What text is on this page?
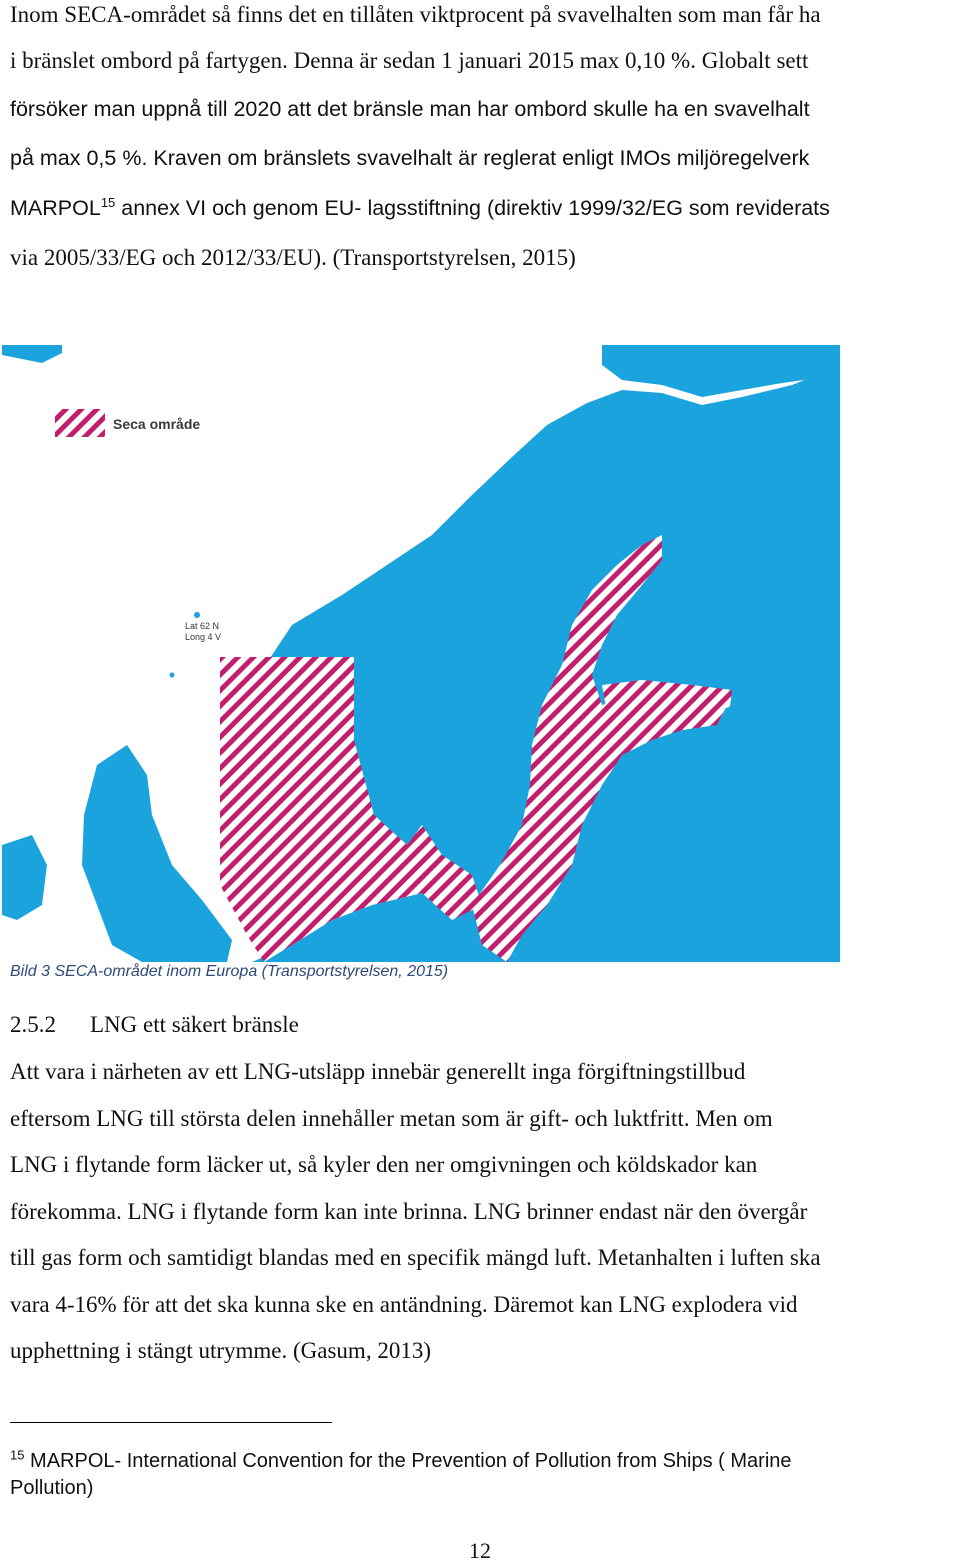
Inom SECA-området så finns det en tillåten viktprocent på svavelhalten som man får ha
i bränslet ombord på fartygen. Denna är sedan 1 januari 2015 max 0,10 %. Globalt sett
försöker man uppnå till 2020 att det bränsle man har ombord skulle ha en svavelhalt
på max 0,5 %. Kraven om bränslets svavelhalt är reglerat enligt IMOs miljöregelverk
MARPOL$^{15}$ annex VI och genom EU- lagsstiftning (direktiv 1999/32/EG som reviderats
via 2005/33/EG och 2012/33/EU). (Transportstyrelsen, 2015)
Seca område
Lat 62 N
Long 4 V
Bild 3 SECA-området inom Europa (Transportstyrelsen, 2015)
2.5.2 LNG ett säkert bränsle
Att vara i närheten av ett LNG-utsläpp innebär generellt inga förgiftningstillbud
eftersom LNG till största delen innehåller metan som är gift- och luktfritt. Men om
LNG i flytande form läcker ut, så kyler den ner omgivningen och köldskador kan
förekomma. LNG i flytande form kan inte brinna. LNG brinner endast när den övergår
till gas form och samtidigt blandas med en specifik mängd luft. Metanhalten i luften ska
vara 4-16% för att det ska kunna ske en antändning. Däremot kan LNG explodera vid
upphettning i stängt utrymme. (Gasum, 2013)
$^{15}$ MARPOL- International Convention for the Prevention of Pollution from Ships ( Marine
Pollution)
12
